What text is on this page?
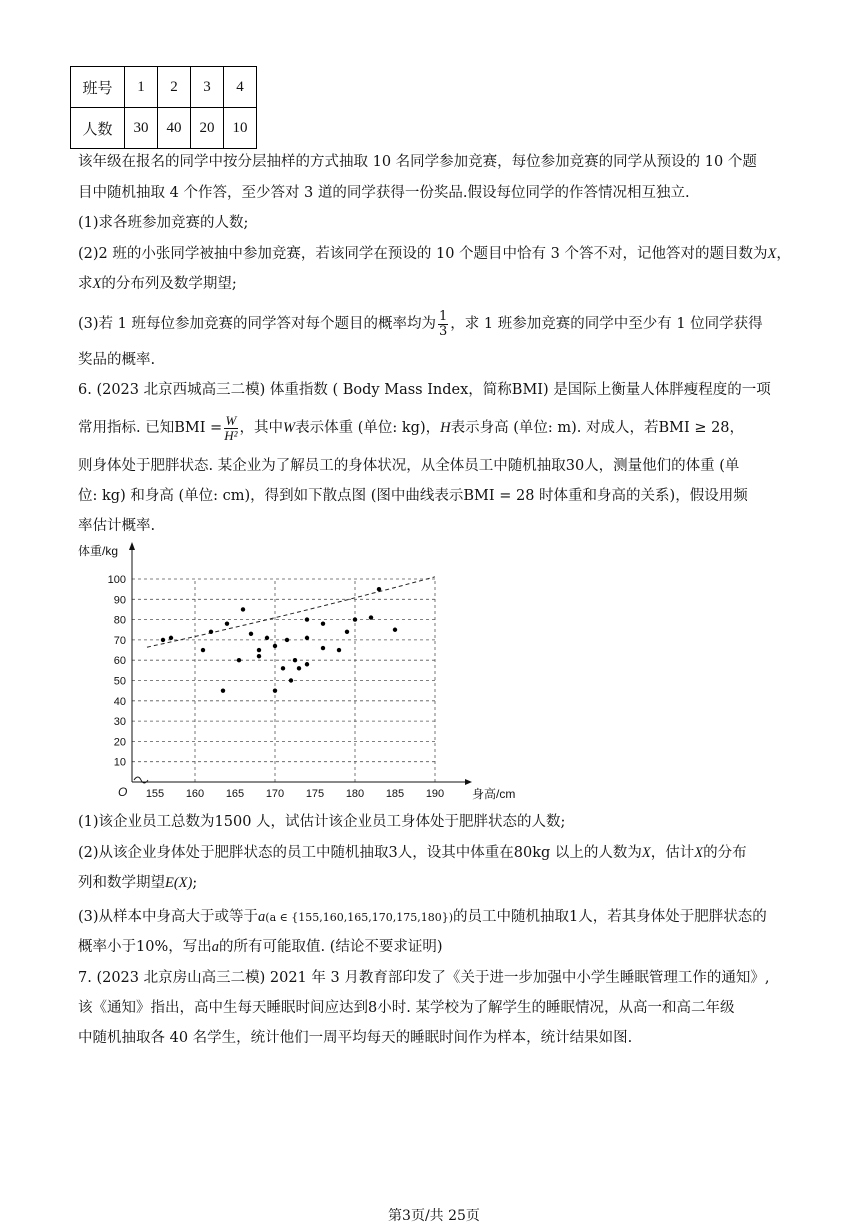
班号	1	2	3	4
人数	30	40	20	10
该年级在报名的同学中按分层抽样的方式抽取 10 名同学参加竞赛，每位参加竞赛的同学从预设的 10 个题
目中随机抽取 4 个作答，至少答对 3 道的同学获得一份奖品.假设每位同学的作答情况相互独立.
(1)求各班参加竞赛的人数;
(2)2 班的小张同学被抽中参加竞赛，若该同学在预设的 10 个题目中恰有 3 个答不对，记他答对的题目数为X，
求X的分布列及数学期望;
(3)若 1 班每位参加竞赛的同学答对每个题目的概率均为 $\frac{1}{3}$ ，求 1 班参加竞赛的同学中至少有 1 位同学获得
奖品的概率.
6. (2023 北京西城高三二模) 体重指数 ( Body Mass Index，简称BMI) 是国际上衡量人体胖瘦程度的一项
常用指标. 已知BMI = $\frac{W}{\text{H²}}$ ，其中W表示体重 (单位: kg)，H表示身高 (单位: m). 对成人，若BMI ≥ 28，
则身体处于肥胖状态. 某企业为了解员工的身体状况，从全体员工中随机抽取30人，测量他们的体重 (单
位: kg) 和身高 (单位: cm)，得到如下散点图 (图中曲线表示BMI = 28 时体重和身高的关系)，假设用频
率估计概率.
10
20
30
40
50
60
70
80
90
100
155 160 165 170 175 180 185 190
体重/kg
身高/cm
O
(1)该企业员工总数为1500 人，试估计该企业员工身体处于肥胖状态的人数;
(2)从该企业身体处于肥胖状态的员工中随机抽取3人，设其中体重在80kg 以上的人数为X，估计X的分布
列和数学期望E(X);
(3)从样本中身高大于或等于a(a ∈ {155,160,165,170,175,180})的员工中随机抽取1人，若其身体处于肥胖状态的
概率小于10%，写出a的所有可能取值. (结论不要求证明)
7. (2023 北京房山高三二模) 2021 年 3 月教育部印发了《关于进一步加强中小学生睡眠管理工作的通知》,
该《通知》指出，高中生每天睡眠时间应达到8小时. 某学校为了解学生的睡眠情况，从高一和高二年级
中随机抽取各 40 名学生，统计他们一周平均每天的睡眠时间作为样本，统计结果如图.
第3页/共 25页
